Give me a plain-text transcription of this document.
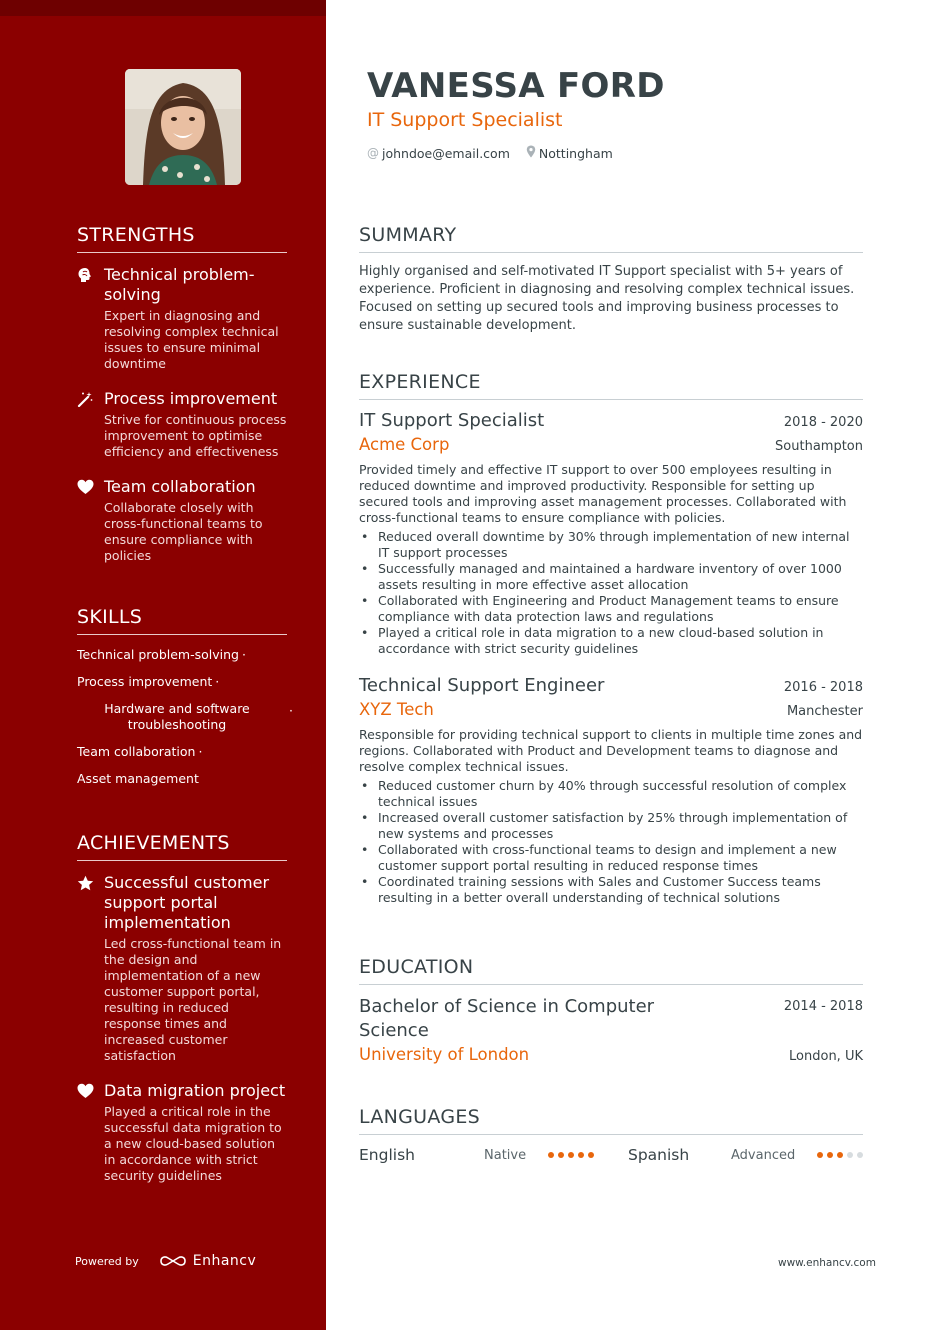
STRENGTHS
Technical problem-solving
Expert in diagnosing and resolving complex technical issues to ensure minimal downtime
Process improvement
Strive for continuous process improvement to optimise efficiency and effectiveness
Team collaboration
Collaborate closely with cross-functional teams to ensure compliance with policies
SKILLS
Technical problem-solving ·
Process improvement ·
Hardware and software troubleshooting
·
Team collaboration ·
Asset management
ACHIEVEMENTS
Successful customer support portal implementation
Led cross-functional team in the design and implementation of a new customer support portal, resulting in reduced response times and increased customer satisfaction
Data migration project
Played a critical role in the successful data migration to a new cloud-based solution in accordance with strict security guidelines
Powered by	Enhancv
VANESSA FORD
IT Support Specialist
@ johndoe@email.com Nottingham
SUMMARY
Highly organised and self-motivated IT Support specialist with 5+ years of experience. Proficient in diagnosing and resolving complex technical issues. Focused on setting up secured tools and improving business processes to ensure sustainable development.
EXPERIENCE
IT Support Specialist	2018 - 2020
Acme Corp	Southampton
Provided timely and effective IT support to over 500 employees resulting in reduced downtime and improved productivity. Responsible for setting up secured tools and improving asset management processes. Collaborated with cross-functional teams to ensure compliance with policies.
• Reduced overall downtime by 30% through implementation of new internal IT support processes
• Successfully managed and maintained a hardware inventory of over 1000 assets resulting in more effective asset allocation
• Collaborated with Engineering and Product Management teams to ensure compliance with data protection laws and regulations
• Played a critical role in data migration to a new cloud-based solution in accordance with strict security guidelines
Technical Support Engineer	2016 - 2018
XYZ Tech	Manchester
Responsible for providing technical support to clients in multiple time zones and regions. Collaborated with Product and Development teams to diagnose and resolve complex technical issues.
• Reduced customer churn by 40% through successful resolution of complex technical issues
• Increased overall customer satisfaction by 25% through implementation of new systems and processes
• Collaborated with cross-functional teams to design and implement a new customer support portal resulting in reduced response times
• Coordinated training sessions with Sales and Customer Success teams resulting in a better overall understanding of technical solutions
EDUCATION
Bachelor of Science in Computer Science
2014 - 2018
University of London	London, UK
LANGUAGES
English	Native	Spanish	Advanced
www.enhancv.com
